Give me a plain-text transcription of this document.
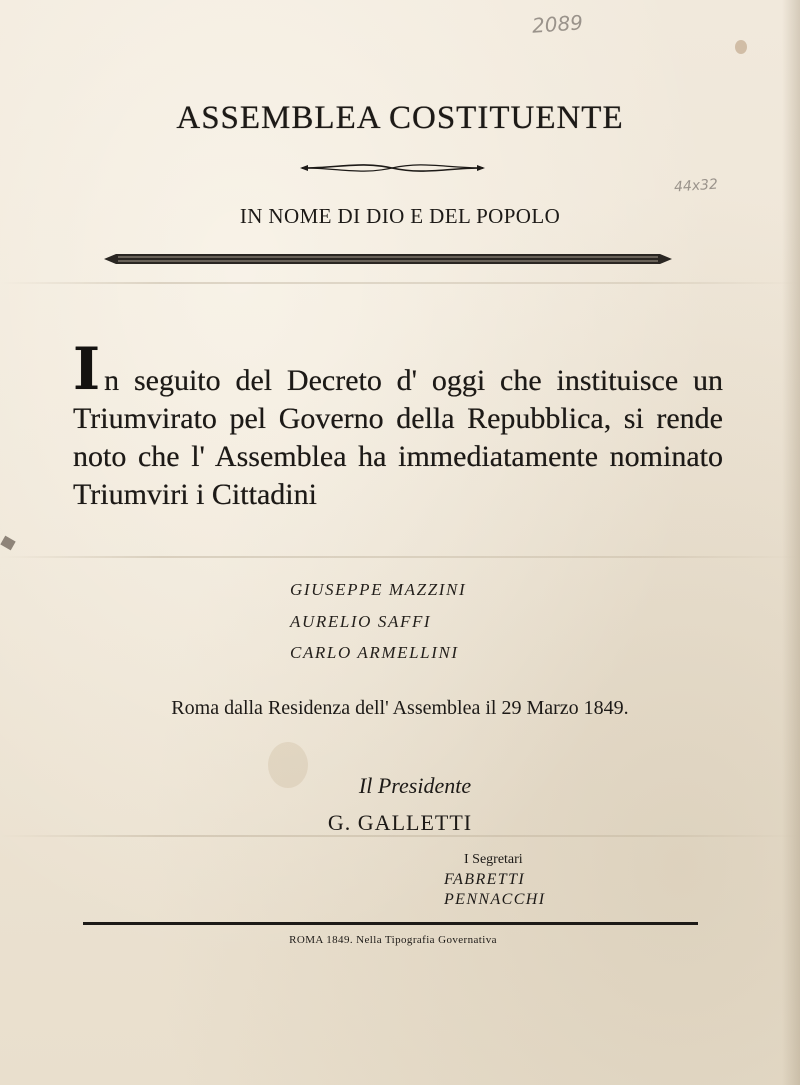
2089
44x32
ASSEMBLEA COSTITUENTE
IN NOME DI DIO E DEL POPOLO
In seguito del Decreto d' oggi che instituisce un Triumvirato pel Governo della Repubblica, si rende noto che l' Assemblea ha immediatamente nominato Triumviri i Cittadini
GIUSEPPE MAZZINI
AURELIO SAFFI
CARLO ARMELLINI
Roma dalla Residenza dell' Assemblea il 29 Marzo 1849.
Il Presidente
G. GALLETTI
I Segretari
FABRETTI
PENNACCHI
ROMA 1849. Nella Tipografia Governativa
